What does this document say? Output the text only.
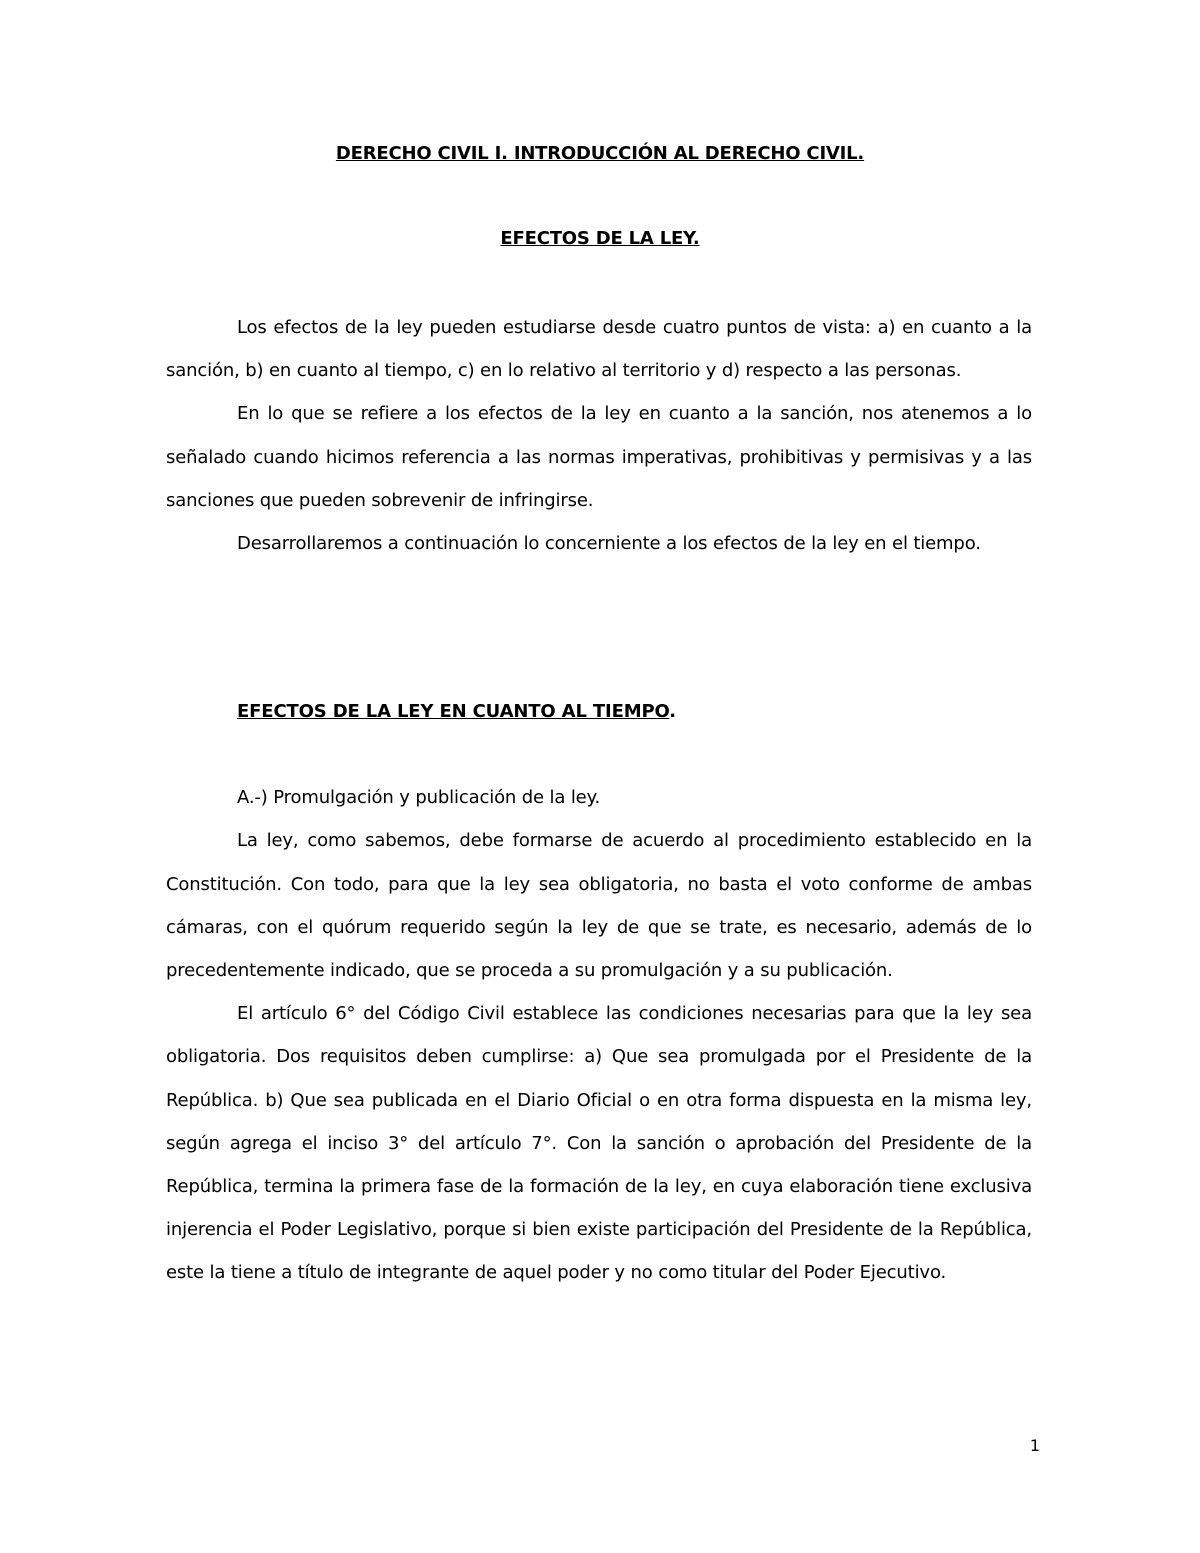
DERECHO CIVIL I. INTRODUCCIÓN AL DERECHO CIVIL.
EFECTOS DE LA LEY.

Los efectos de la ley pueden estudiarse desde cuatro puntos de vista: a) en cuanto a la sanción, b) en cuanto al tiempo, c) en lo relativo al territorio y d) respecto a las personas.

En lo que se refiere a los efectos de la ley en cuanto a la sanción, nos atenemos a lo señalado cuando hicimos referencia a las normas imperativas, prohibitivas y permisivas y a las sanciones que pueden sobrevenir de infringirse.

Desarrollaremos a continuación lo concerniente a los efectos de la ley en el tiempo.

EFECTOS DE LA LEY EN CUANTO AL TIEMPO.

A.-) Promulgación y publicación de la ley.

La ley, como sabemos, debe formarse de acuerdo al procedimiento establecido en la Constitución. Con todo, para que la ley sea obligatoria, no basta el voto conforme de ambas cámaras, con el quórum requerido según la ley de que se trate, es necesario, además de lo precedentemente indicado, que se proceda a su promulgación y a su publicación.

El artículo 6° del Código Civil establece las condiciones necesarias para que la ley sea obligatoria. Dos requisitos deben cumplirse: a) Que sea promulgada por el Presidente de la República. b) Que sea publicada en el Diario Oficial o en otra forma dispuesta en la misma ley, según agrega el inciso 3° del artículo 7°. Con la sanción o aprobación del Presidente de la República, termina la primera fase de la formación de la ley, en cuya elaboración tiene exclusiva injerencia el Poder Legislativo, porque si bien existe participación del Presidente de la República, este la tiene a título de integrante de aquel poder y no como titular del Poder Ejecutivo.

1
